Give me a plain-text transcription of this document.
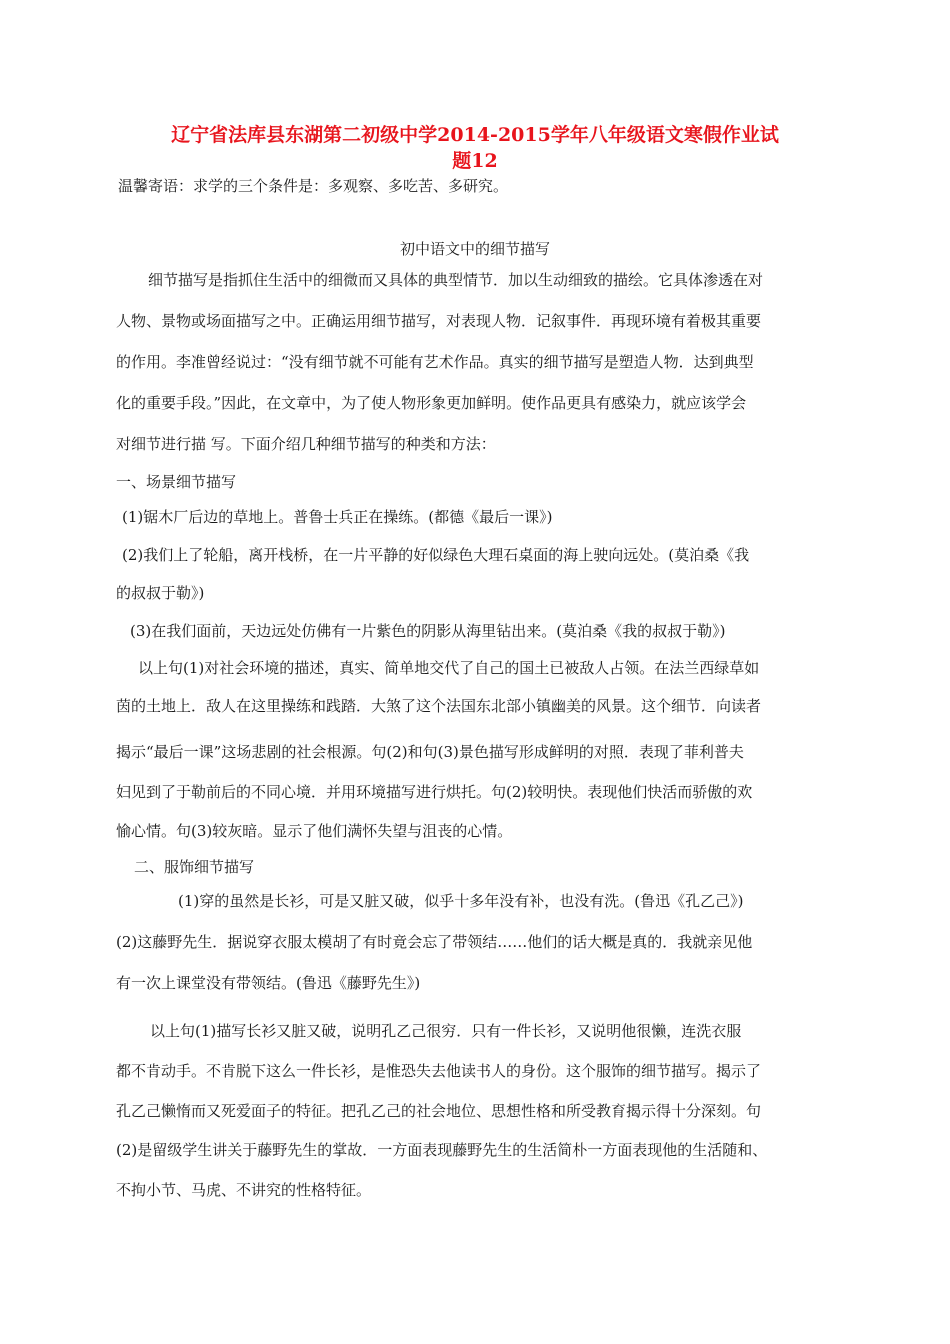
辽宁省法库县东湖第二初级中学2014-2015学年八年级语文寒假作业试
题12

温馨寄语：求学的三个条件是：多观察、多吃苦、多研究。

初中语文中的细节描写

细节描写是指抓住生活中的细微而又具体的典型情节．加以生动细致的描绘。它具体渗透在对

人物、景物或场面描写之中。正确运用细节描写，对表现人物．记叙事件．再现环境有着极其重要

的作用。李准曾经说过：“没有细节就不可能有艺术作品。真实的细节描写是塑造人物．达到典型

化的重要手段。”因此，在文章中，为了使人物形象更加鲜明。使作品更具有感染力，就应该学会

对细节进行描 写。下面介绍几种细节描写的种类和方法：

一、场景细节描写

(1)锯木厂后边的草地上。普鲁士兵正在操练。(都德《最后一课》)

(2)我们上了轮船，离开栈桥，在一片平静的好似绿色大理石桌面的海上驶向远处。(莫泊桑《我

的叔叔于勒》)

(3)在我们面前，天边远处仿佛有一片紫色的阴影从海里钻出来。(莫泊桑《我的叔叔于勒》)

以上句(1)对社会环境的描述，真实、简单地交代了自己的国土已被敌人占领。在法兰西绿草如

茵的土地上．敌人在这里操练和践踏．大煞了这个法国东北部小镇幽美的风景。这个细节．向读者

揭示“最后一课”这场悲剧的社会根源。句(2)和句(3)景色描写形成鲜明的对照．表现了菲利普夫

妇见到了于勒前后的不同心境．并用环境描写进行烘托。句(2)较明快。表现他们快活而骄傲的欢

愉心情。句(3)较灰暗。显示了他们满怀失望与沮丧的心情。

二、服饰细节描写

(1)穿的虽然是长衫，可是又脏又破，似乎十多年没有补，也没有洗。(鲁迅《孔乙己》)

(2)这藤野先生．据说穿衣服太模胡了有时竟会忘了带领结……他们的话大概是真的．我就亲见他

有一次上课堂没有带领结。(鲁迅《藤野先生》)

以上句(1)描写长衫又脏又破，说明孔乙己很穷．只有一件长衫，又说明他很懒，连洗衣服

都不肯动手。不肯脱下这么一件长衫，是惟恐失去他读书人的身份。这个服饰的细节描写。揭示了

孔乙己懒惰而又死爱面子的特征。把孔乙己的社会地位、思想性格和所受教育揭示得十分深刻。句

(2)是留级学生讲关于藤野先生的掌故．一方面表现藤野先生的生活简朴一方面表现他的生活随和、

不拘小节、马虎、不讲究的性格特征。
